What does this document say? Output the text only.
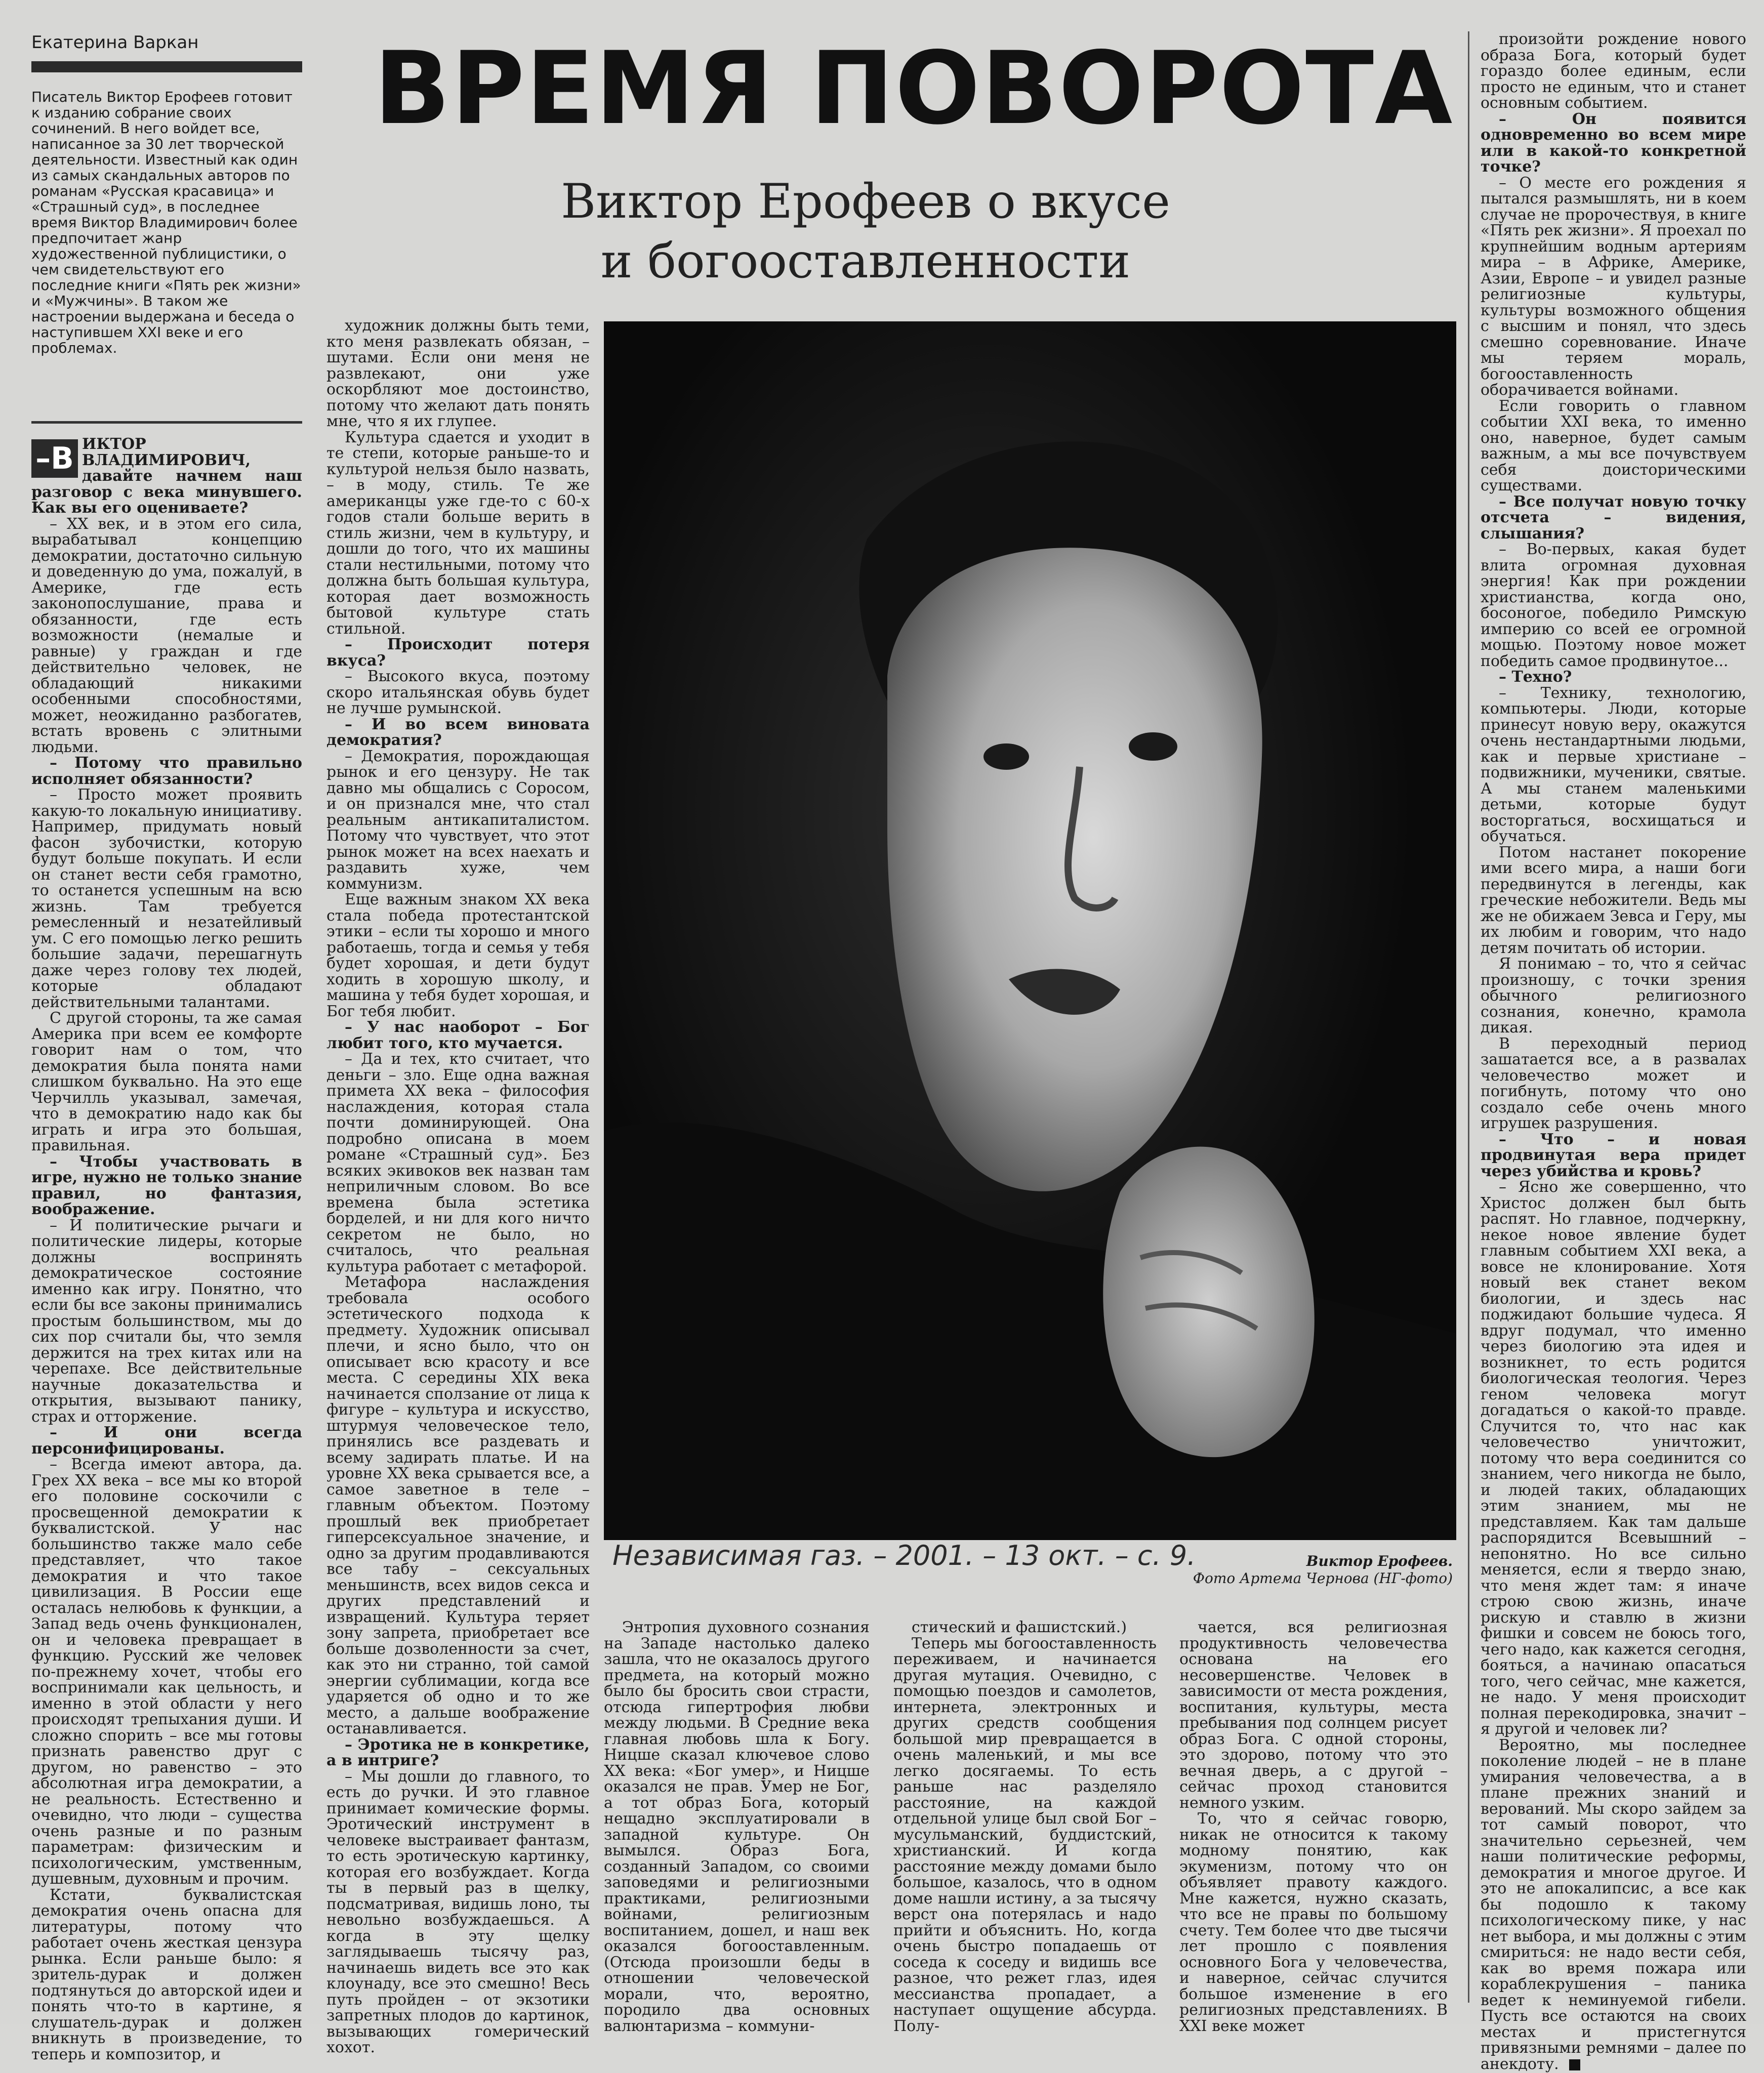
Екатерина Варкан
Писатель Виктор Ерофеев готовит к изданию собрание своих сочинений. В него войдет все, написанное за 30 лет творческой деятельности. Известный как один из самых скандальных авторов по романам «Русская красавица» и «Страшный суд», в последнее время Виктор Владимирович более предпочитает жанр художественной публицистики, о чем свидетельствуют его последние книги «Пять рек жизни» и «Мужчины». В таком же настроении выдержана и беседа о наступившем XXI веке и его проблемах.
ВРЕМЯ ПОВОРОТА
Виктор Ерофеев о вкусе
и богооставленности
Независимая газ. – 2001. – 13 окт. – с. 9.	Виктор Ерофеев.
Фото Артема Чернова (НГ-фото)
–В ИКТОР ВЛАДИМИРОВИЧ, давайте начнем наш разговор с века минувшего. Как вы его оцениваете?

– XX век, и в этом его сила, вырабатывал концепцию демократии, достаточно сильную и доведенную до ума, пожалуй, в Америке, где есть законопослушание, права и обязанности, где есть возможности (немалые и равные) у граждан и где действительно человек, не обладающий никакими особенными способностями, может, неожиданно разбогатев, встать вровень с элитными людьми.

– Потому что правильно исполняет обязанности?

– Просто может проявить какую-то локальную инициативу. Например, придумать новый фасон зубочистки, которую будут больше покупать. И если он станет вести себя грамотно, то останется успешным на всю жизнь. Там требуется ремесленный и незатейливый ум. С его помощью легко решить большие задачи, перешагнуть даже через голову тех людей, которые обладают действительными талантами.

С другой стороны, та же самая Америка при всем ее комфорте говорит нам о том, что демократия была понята нами слишком буквально. На это еще Черчилль указывал, замечая, что в демократию надо как бы играть и игра это большая, правильная.

– Чтобы участвовать в игре, нужно не только знание правил, но фантазия, воображение.

– И политические рычаги и политические лидеры, которые должны воспринять демократическое состояние именно как игру. Понятно, что если бы все законы принимались простым большинством, мы до сих пор считали бы, что земля держится на трех китах или на черепахе. Все действительные научные доказательства и открытия, вызывают панику, страх и отторжение.

– И они всегда персонифицированы.

– Всегда имеют автора, да. Грех XX века – все мы ко второй его половине соскочили с просвещенной демократии к буквалистской. У нас большинство также мало себе представляет, что такое демократия и что такое цивилизация. В России еще осталась нелюбовь к функции, а Запад ведь очень функционален, он и человека превращает в функцию. Русский же человек по-прежнему хочет, чтобы его воспринимали как цельность, и именно в этой области у него происходят трепыхания души. И сложно спорить – все мы готовы признать равенство друг с другом, но равенство – это абсолютная игра демократии, а не реальность. Естественно и очевидно, что люди – существа очень разные и по разным параметрам: физическим и психологическим, умственным, душевным, духовным и прочим.

Кстати, буквалистская демократия очень опасна для литературы, потому что работает очень жесткая цензура рынка. Если раньше было: я зритель-дурак и должен подтянуться до авторской идеи и понять что-то в картине, я слушатель-дурак и должен вникнуть в произведение, то теперь и композитор, и

художник должны быть теми, кто меня развлекать обязан, – шутами. Если они меня не развлекают, они уже оскорбляют мое достоинство, потому что желают дать понять мне, что я их глупее.

Культура сдается и уходит в те степи, которые раньше-то и культурой нельзя было назвать, – в моду, стиль. Те же американцы уже где-то с 60-х годов стали больше верить в стиль жизни, чем в культуру, и дошли до того, что их машины стали нестильными, потому что должна быть большая культура, которая дает возможность бытовой культуре стать стильной.

– Происходит потеря вкуса?

– Высокого вкуса, поэтому скоро итальянская обувь будет не лучше румынской.

– И во всем виновата демократия?

– Демократия, порождающая рынок и его цензуру. Не так давно мы общались с Соросом, и он признался мне, что стал реальным антикапиталистом. Потому что чувствует, что этот рынок может на всех наехать и раздавить хуже, чем коммунизм.

Еще важным знаком XX века стала победа протестантской этики – если ты хорошо и много работаешь, тогда и семья у тебя будет хорошая, и дети будут ходить в хорошую школу, и машина у тебя будет хорошая, и Бог тебя любит.

– У нас наоборот – Бог любит того, кто мучается.

– Да и тех, кто считает, что деньги – зло. Еще одна важная примета XX века – философия наслаждения, которая стала почти доминирующей. Она подробно описана в моем романе «Страшный суд». Без всяких экивоков век назван там неприличным словом. Во все времена была эстетика борделей, и ни для кого ничто секретом не было, но считалось, что реальная культура работает с метафорой.

Метафора наслаждения требовала особого эстетического подхода к предмету. Художник описывал плечи, и ясно было, что он описывает всю красоту и все места. С середины XIX века начинается сползание от лица к фигуре – культура и искусство, штурмуя человеческое тело, принялись все раздевать и всему задирать платье. И на уровне XX века срывается все, а самое заветное в теле – главным объектом. Поэтому прошлый век приобретает гиперсексуальное значение, и одно за другим продавливаются все табу – сексуальных меньшинств, всех видов секса и других представлений и извращений. Культура теряет зону запрета, приобретает все больше дозволенности за счет, как это ни странно, той самой энергии сублимации, когда все ударяется об одно и то же место, а дальше воображение останавливается.

– Эротика не в конкретике, а в интриге?

– Мы дошли до главного, то есть до ручки. И это главное принимает комические формы. Эротический инструмент в человеке выстраивает фантазм, то есть эротическую картинку, которая его возбуждает. Когда ты в первый раз в щелку, подсматривая, видишь лоно, ты невольно возбуждаешься. А когда в эту щелку заглядываешь тысячу раз, начинаешь видеть все это как клоунаду, все это смешно! Весь путь пройден – от экзотики запретных плодов до картинок, вызывающих гомерический хохот.

Энтропия духовного сознания на Западе настолько далеко зашла, что не оказалось другого предмета, на который можно было бы бросить свои страсти, отсюда гипертрофия любви между людьми. В Средние века главная любовь шла к Богу. Ницше сказал ключевое слово XX века: «Бог умер», и Ницше оказался не прав. Умер не Бог, а тот образ Бога, который нещадно эксплуатировали в западной культуре. Он вымылся. Образ Бога, созданный Западом, со своими заповедями и религиозными практиками, религиозными войнами, религиозным воспитанием, дошел, и наш век оказался богооставленным. (Отсюда произошли беды в отношении человеческой морали, что, вероятно, породило два основных валюнтаризма – коммуни-

стический и фашистский.)

Теперь мы богооставленность переживаем, и начинается другая мутация. Очевидно, с помощью поездов и самолетов, интернета, электронных и других средств сообщения большой мир превращается в очень маленький, и мы все легко досягаемы. То есть раньше нас разделяло расстояние, на каждой отдельной улице был свой Бог – мусульманский, буддистский, христианский. И когда расстояние между домами было большое, казалось, что в одном доме нашли истину, а за тысячу верст она потерялась и надо прийти и объяснить. Но, когда очень быстро попадаешь от соседа к соседу и видишь все разное, что режет глаз, идея мессианства пропадает, а наступает ощущение абсурда. Полу-

чается, вся религиозная продуктивность человечества основана на его несовершенстве. Человек в зависимости от места рождения, воспитания, культуры, места пребывания под солнцем рисует образ Бога. С одной стороны, это здорово, потому что это вечная дверь, а с другой – сейчас проход становится немного узким.

То, что я сейчас говорю, никак не относится к такому модному понятию, как экуменизм, потому что он объявляет правоту каждого. Мне кажется, нужно сказать, что все не правы по большому счету. Тем более что две тысячи лет прошло с появления основного Бога у человечества, и наверное, сейчас случится большое изменение в его религиозных представлениях. В XXI веке может

произойти рождение нового образа Бога, который будет гораздо более единым, если просто не единым, что и станет основным событием.

– Он появится одновременно во всем мире или в какой-то конкретной точке?

– О месте его рождения я пытался размышлять, ни в коем случае не пророчествуя, в книге «Пять рек жизни». Я проехал по крупнейшим водным артериям мира – в Африке, Америке, Азии, Европе – и увидел разные религиозные культуры, культуры возможного общения с высшим и понял, что здесь смешно соревнование. Иначе мы теряем мораль, богооставленность оборачивается войнами.

Если говорить о главном событии XXI века, то именно оно, наверное, будет самым важным, а мы все почувствуем себя доисторическими существами.

– Все получат новую точку отсчета – видения, слышания?

– Во-первых, какая будет влита огромная духовная энергия! Как при рождении христианства, когда оно, босоногое, победило Римскую империю со всей ее огромной мощью. Поэтому новое может победить самое продвинутое...

– Техно?

– Технику, технологию, компьютеры. Люди, которые принесут новую веру, окажутся очень нестандартными людьми, как и первые христиане – подвижники, мученики, святые. А мы станем маленькими детьми, которые будут восторгаться, восхищаться и обучаться.

Потом настанет покорение ими всего мира, а наши боги передвинутся в легенды, как греческие небожители. Ведь мы же не обижаем Зевса и Геру, мы их любим и говорим, что надо детям почитать об истории.

Я понимаю – то, что я сейчас произношу, с точки зрения обычного религиозного сознания, конечно, крамола дикая.

В переходный период зашатается все, а в развалах человечество может и погибнуть, потому что оно создало себе очень много игрушек разрушения.

– Что – и новая продвинутая вера придет через убийства и кровь?

– Ясно же совершенно, что Христос должен был быть распят. Но главное, подчеркну, некое новое явление будет главным событием XXI века, а вовсе не клонирование. Хотя новый век станет веком биологии, и здесь нас поджидают большие чудеса. Я вдруг подумал, что именно через биологию эта идея и возникнет, то есть родится биологическая теология. Через геном человека могут догадаться о какой-то правде. Случится то, что нас как человечество уничтожит, потому что вера соединится со знанием, чего никогда не было, и людей таких, обладающих этим знанием, мы не представляем. Как там дальше распорядится Всевышний – непонятно. Но все сильно меняется, если я твердо знаю, что меня ждет там: я иначе строю свою жизнь, иначе рискую и ставлю в жизни фишки и совсем не боюсь того, чего надо, как кажется сегодня, бояться, а начинаю опасаться того, чего сейчас, мне кажется, не надо. У меня происходит полная перекодировка, значит – я другой и человек ли?

Вероятно, мы последнее поколение людей – не в плане умирания человечества, а в плане прежних знаний и верований. Мы скоро зайдем за тот самый поворот, что значительно серьезней, чем наши политические реформы, демократия и многое другое. И это не апокалипсис, а все как бы подошло к такому психологическому пике, у нас нет выбора, и мы должны с этим смириться: не надо вести себя, как во время пожара или кораблекрушения – паника ведет к неминуемой гибели. Пусть все остаются на своих местах и пристегнутся привязными ремнями – далее по анекдоту.
